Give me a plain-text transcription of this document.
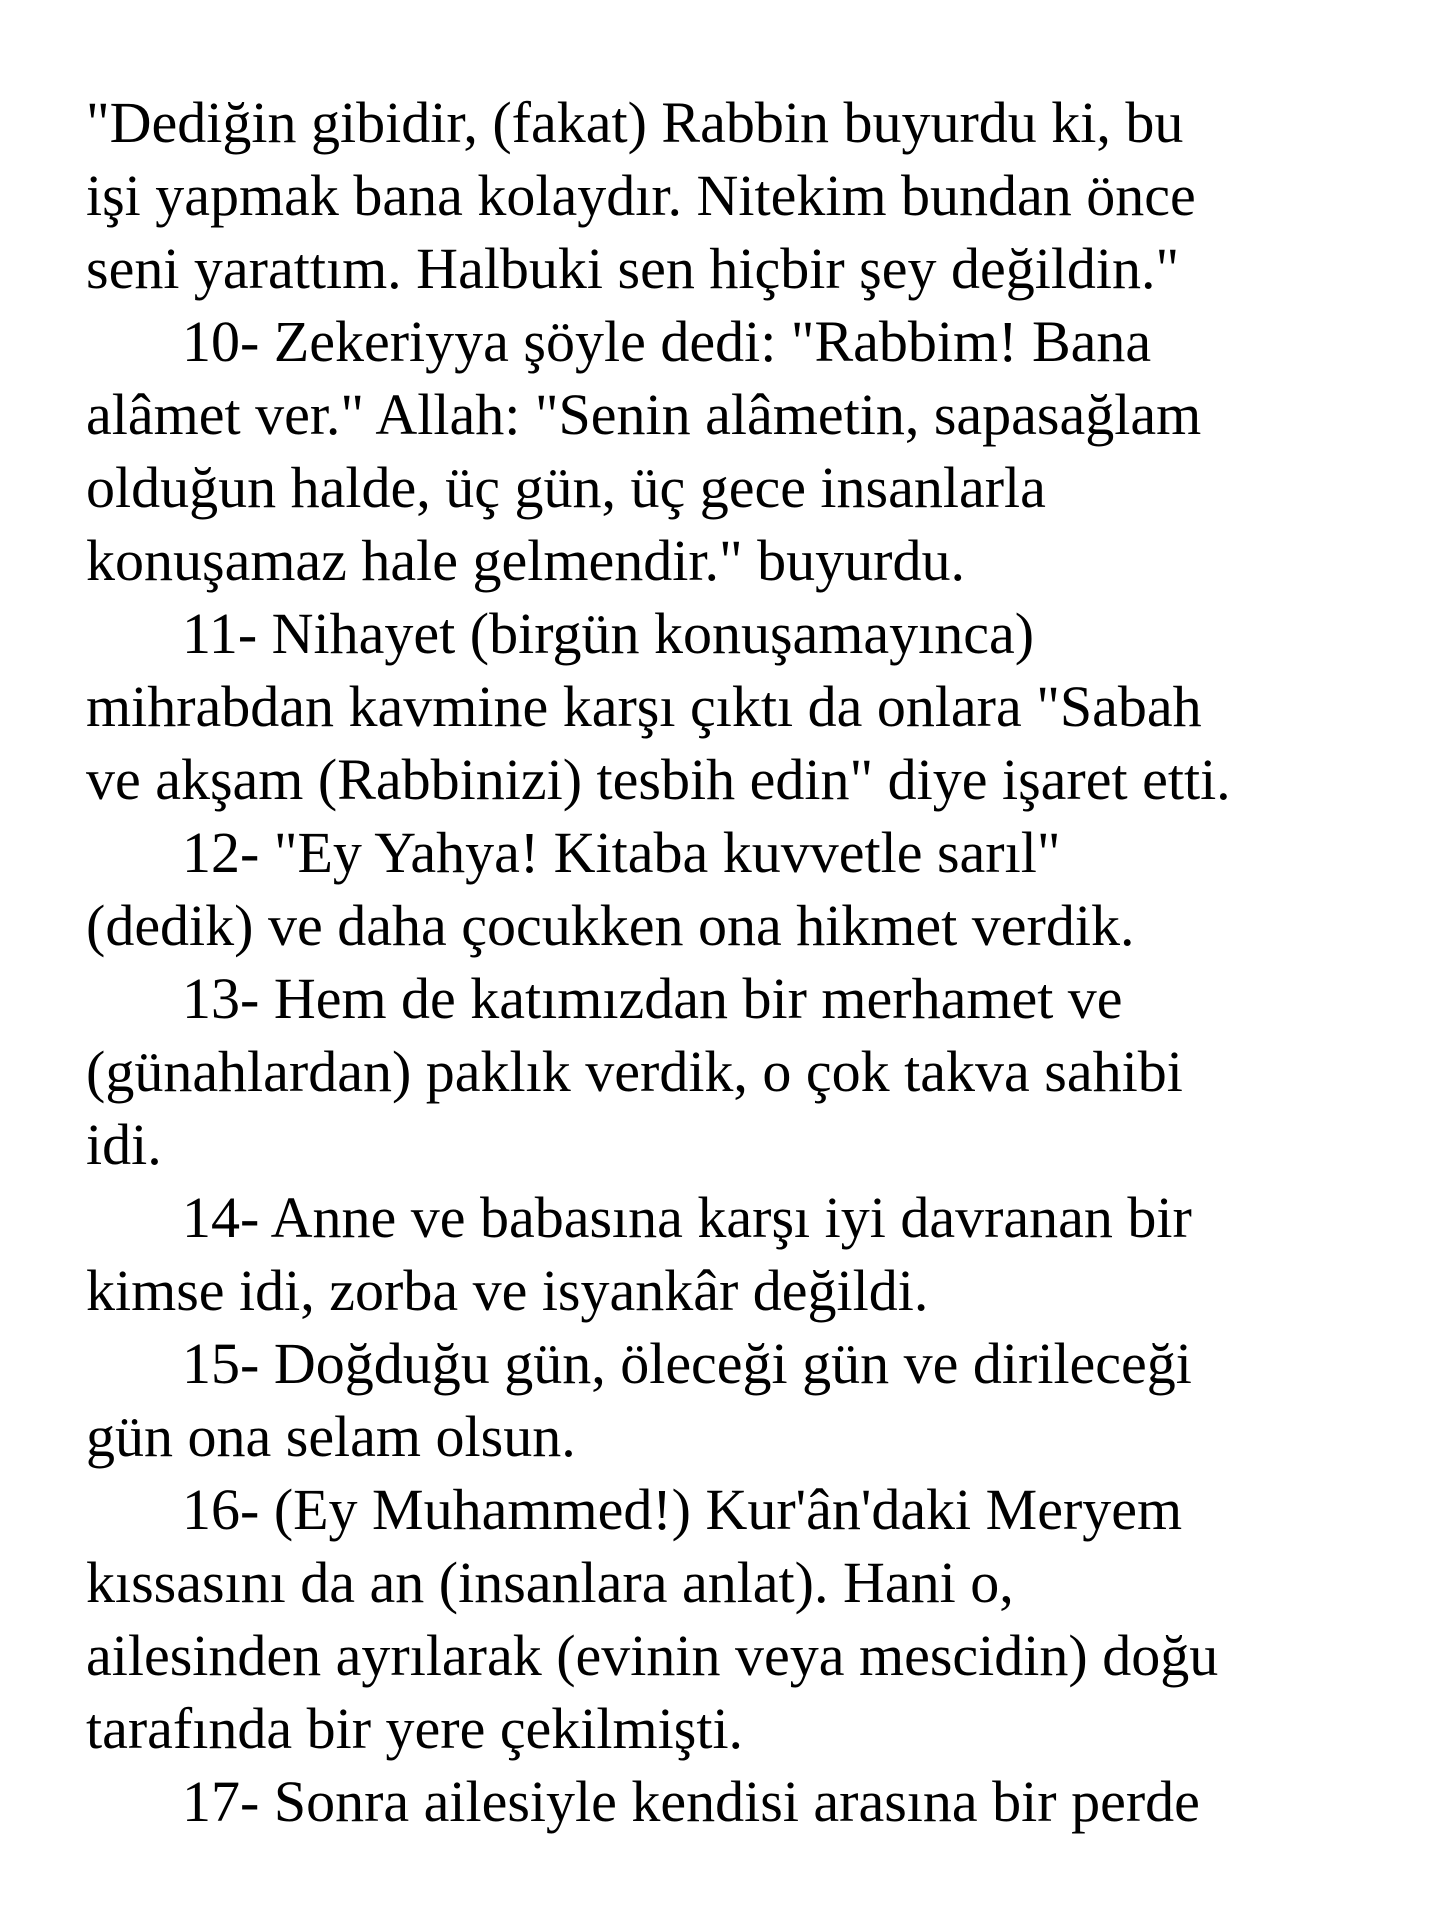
"Dediğin gibidir, (fakat) Rabbin buyurdu ki, bu
işi yapmak bana kolaydır. Nitekim bundan önce
seni yarattım. Halbuki sen hiçbir şey değildin."
10- Zekeriyya şöyle dedi: "Rabbim! Bana
alâmet ver." Allah: "Senin alâmetin, sapasağlam
olduğun halde, üç gün, üç gece insanlarla
konuşamaz hale gelmendir." buyurdu.
11- Nihayet (birgün konuşamayınca)
mihrabdan kavmine karşı çıktı da onlara "Sabah
ve akşam (Rabbinizi) tesbih edin" diye işaret etti.
12- "Ey Yahya! Kitaba kuvvetle sarıl"
(dedik) ve daha çocukken ona hikmet verdik.
13- Hem de katımızdan bir merhamet ve
(günahlardan) paklık verdik, o çok takva sahibi
idi.
14- Anne ve babasına karşı iyi davranan bir
kimse idi, zorba ve isyankâr değildi.
15- Doğduğu gün, öleceği gün ve dirileceği
gün ona selam olsun.
16- (Ey Muhammed!) Kur'ân'daki Meryem
kıssasını da an (insanlara anlat). Hani o,
ailesinden ayrılarak (evinin veya mescidin) doğu
tarafında bir yere çekilmişti.
17- Sonra ailesiyle kendisi arasına bir perde
